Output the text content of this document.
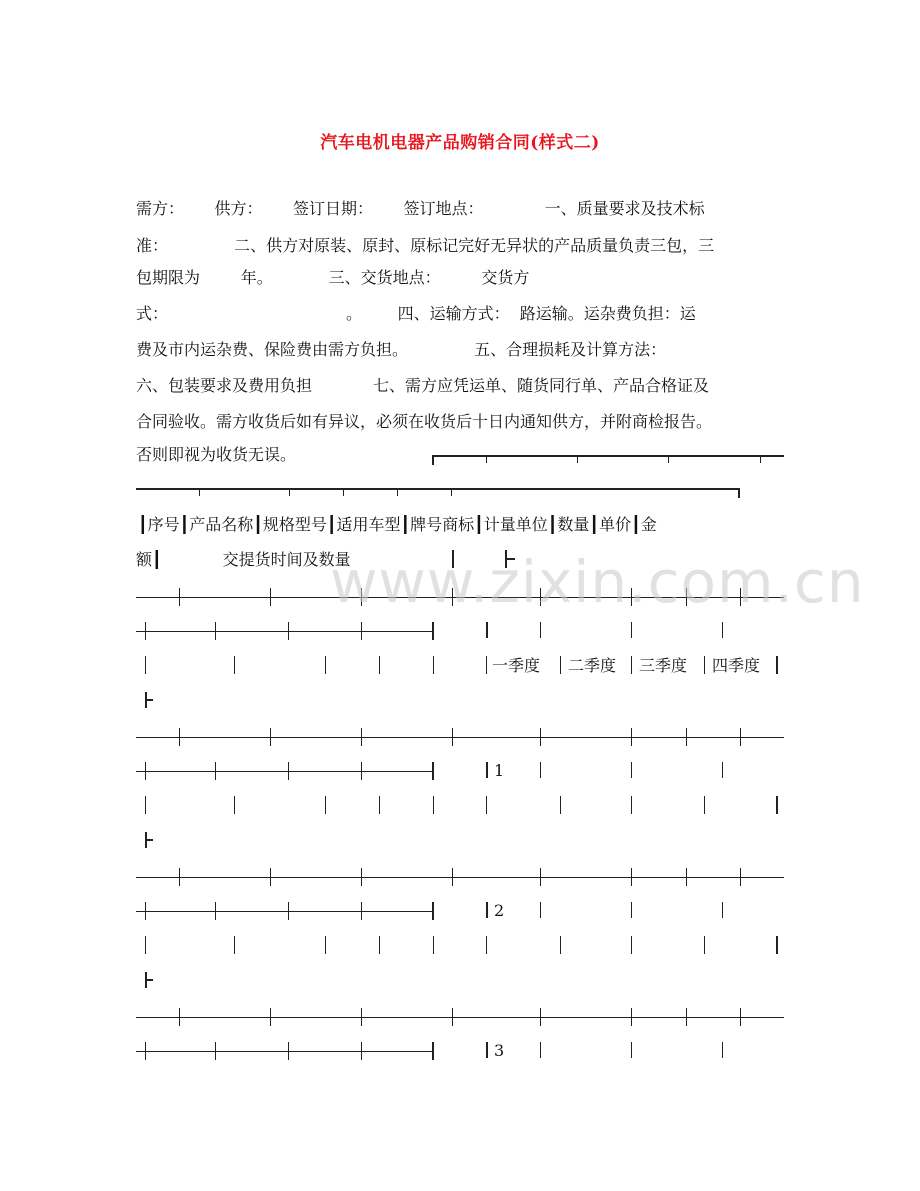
汽车电机电器产品购销合同(样式二)
需方：      供方：      签订日期：      签订地点：            一、质量要求及技术标
准：             二、供方对原装、原封、原标记完好无异状的产品质量负责三包，三
包期限为        年。           三、交货地点：        交货方
式：                                   。       四、运输方式：  路运输。运杂费负担：运
费及市内运杂费、保险费由需方负担。             五、合理损耗及计算方法：
六、包装要求及费用负担            七、需方应凭运单、随货同行单、产品合格证及
合同验收。需方收货后如有异议，必须在收货后十日内通知供方，并附商检报告。
否则即视为收货无误。
┃序号┃产品名称┃规格型号┃适用车型┃牌号商标┃计量单位┃数量┃单价┃金
额┃            交提货时间及数量
一季度 二季度 三季度 四季度
1
2
3
www.zixin.com.cn
